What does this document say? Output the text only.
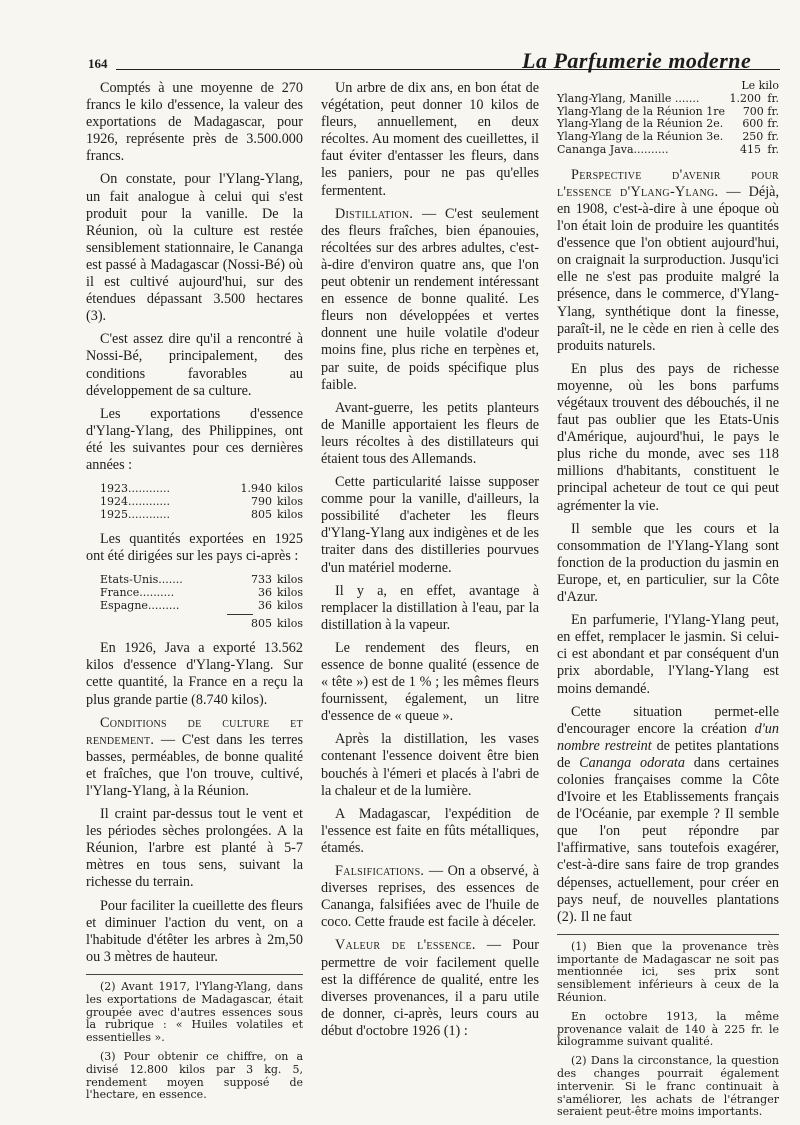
164	La Parfumerie moderne

Comptés à une moyenne de 270 francs le kilo d'essence, la valeur des exportations de Madagascar, pour 1926, représente près de 3.500.000 francs.

On constate, pour l'Ylang-Ylang, un fait analogue à celui qui s'est produit pour la vanille. De la Réunion, où la culture est restée sensiblement stationnaire, le Cananga est passé à Madagascar (Nossi-Bé) où il est cultivé aujourd'hui, sur des étendues dépassant 3.500 hectares (3).

C'est assez dire qu'il a rencontré à Nossi-Bé, principalement, des conditions favorables au développement de sa culture.

Les exportations d'essence d'Ylang-Ylang, des Philippines, ont été les suivantes pour ces dernières années :

1923............	1.940 kilos
1924............	790 kilos
1925............	805 kilos

Les quantités exportées en 1925 ont été dirigées sur les pays ci-après :

Etats-Unis.......	733 kilos
France..........	36 kilos
Espagne.........	36 kilos
805 kilos

En 1926, Java a exporté 13.562 kilos d'essence d'Ylang-Ylang. Sur cette quantité, la France en a reçu la plus grande partie (8.740 kilos).

Conditions de culture et rendement. — C'est dans les terres basses, perméables, de bonne qualité et fraîches, que l'on trouve, cultivé, l'Ylang-Ylang, à la Réunion.

Il craint par-dessus tout le vent et les périodes sèches prolongées. A la Réunion, l'arbre est planté à 5-7 mètres en tous sens, suivant la richesse du terrain.

Pour faciliter la cueillette des fleurs et diminuer l'action du vent, on a l'habitude d'étêter les arbres à 2m,50 ou 3 mètres de hauteur.

(2) Avant 1917, l'Ylang-Ylang, dans les exportations de Madagascar, était groupée avec d'autres essences sous la rubrique : « Huiles volatiles et essentielles ».

(3) Pour obtenir ce chiffre, on a divisé 12.800 kilos par 3 kg. 5, rendement moyen supposé de l'hectare, en essence.

Un arbre de dix ans, en bon état de végétation, peut donner 10 kilos de fleurs, annuellement, en deux récoltes. Au moment des cueillettes, il faut éviter d'entasser les fleurs, dans les paniers, pour ne pas qu'elles fermentent.

Distillation. — C'est seulement des fleurs fraîches, bien épanouies, récoltées sur des arbres adultes, c'est-à-dire d'environ quatre ans, que l'on peut obtenir un rendement intéressant en essence de bonne qualité. Les fleurs non développées et vertes donnent une huile volatile d'odeur moins fine, plus riche en terpènes et, par suite, de poids spécifique plus faible.

Avant-guerre, les petits planteurs de Manille apportaient les fleurs de leurs récoltes à des distillateurs qui étaient tous des Allemands.

Cette particularité laisse supposer comme pour la vanille, d'ailleurs, la possibilité d'acheter les fleurs d'Ylang-Ylang aux indigènes et de les traiter dans des distilleries pourvues d'un matériel moderne.

Il y a, en effet, avantage à remplacer la distillation à l'eau, par la distillation à la vapeur.

Le rendement des fleurs, en essence de bonne qualité (essence de « tête ») est de 1 % ; les mêmes fleurs fournissent, également, un litre d'essence de « queue ».

Après la distillation, les vases contenant l'essence doivent être bien bouchés à l'émeri et placés à l'abri de la chaleur et de la lumière.

A Madagascar, l'expédition de l'essence est faite en fûts métalliques, étamés.

Falsifications. — On a observé, à diverses reprises, des essences de Cananga, falsifiées avec de l'huile de coco. Cette fraude est facile à déceler.

Valeur de l'essence. — Pour permettre de voir facilement quelle est la différence de qualité, entre les diverses provenances, il a paru utile de donner, ci-après, leurs cours au début d'octobre 1926 (1) :

Le kilo
Ylang-Ylang, Manille .......	1.200 fr.
Ylang-Ylang de la Réunion 1re	700 fr.
Ylang-Ylang de la Réunion 2e.	600 fr.
Ylang-Ylang de la Réunion 3e.	250 fr.
Cananga Java..........	415 fr.

Perspective d'avenir pour l'essence d'Ylang-Ylang. — Déjà, en 1908, c'est-à-dire à une époque où l'on était loin de produire les quantités d'essence que l'on obtient aujourd'hui, on craignait la surproduction. Jusqu'ici elle ne s'est pas produite malgré la présence, dans le commerce, d'Ylang-Ylang, synthétique dont la finesse, paraît-il, ne le cède en rien à celle des produits naturels.

En plus des pays de richesse moyenne, où les bons parfums végétaux trouvent des débouchés, il ne faut pas oublier que les Etats-Unis d'Amérique, aujourd'hui, le pays le plus riche du monde, avec ses 118 millions d'habitants, constituent le principal acheteur de tout ce qui peut agrémenter la vie.

Il semble que les cours et la consommation de l'Ylang-Ylang sont fonction de la production du jasmin en Europe, et, en particulier, sur la Côte d'Azur.

En parfumerie, l'Ylang-Ylang peut, en effet, remplacer le jasmin. Si celui-ci est abondant et par conséquent d'un prix abordable, l'Ylang-Ylang est moins demandé.

Cette situation permet-elle d'encourager encore la création d'un nombre restreint de petites plantations de Cananga odorata dans certaines colonies françaises comme la Côte d'Ivoire et les Etablissements français de l'Océanie, par exemple ? Il semble que l'on peut répondre par l'affirmative, sans toutefois exagérer, c'est-à-dire sans faire de trop grandes dépenses, actuellement, pour créer en pays neuf, de nouvelles plantations (2). Il ne faut

(1) Bien que la provenance très importante de Madagascar ne soit pas mentionnée ici, ses prix sont sensiblement inférieurs à ceux de la Réunion.

En octobre 1913, la même provenance valait de 140 à 225 fr. le kilogramme suivant qualité.

(2) Dans la circonstance, la question des changes pourrait également intervenir. Si le franc continuait à s'améliorer, les achats de l'étranger seraient peut-être moins importants.
